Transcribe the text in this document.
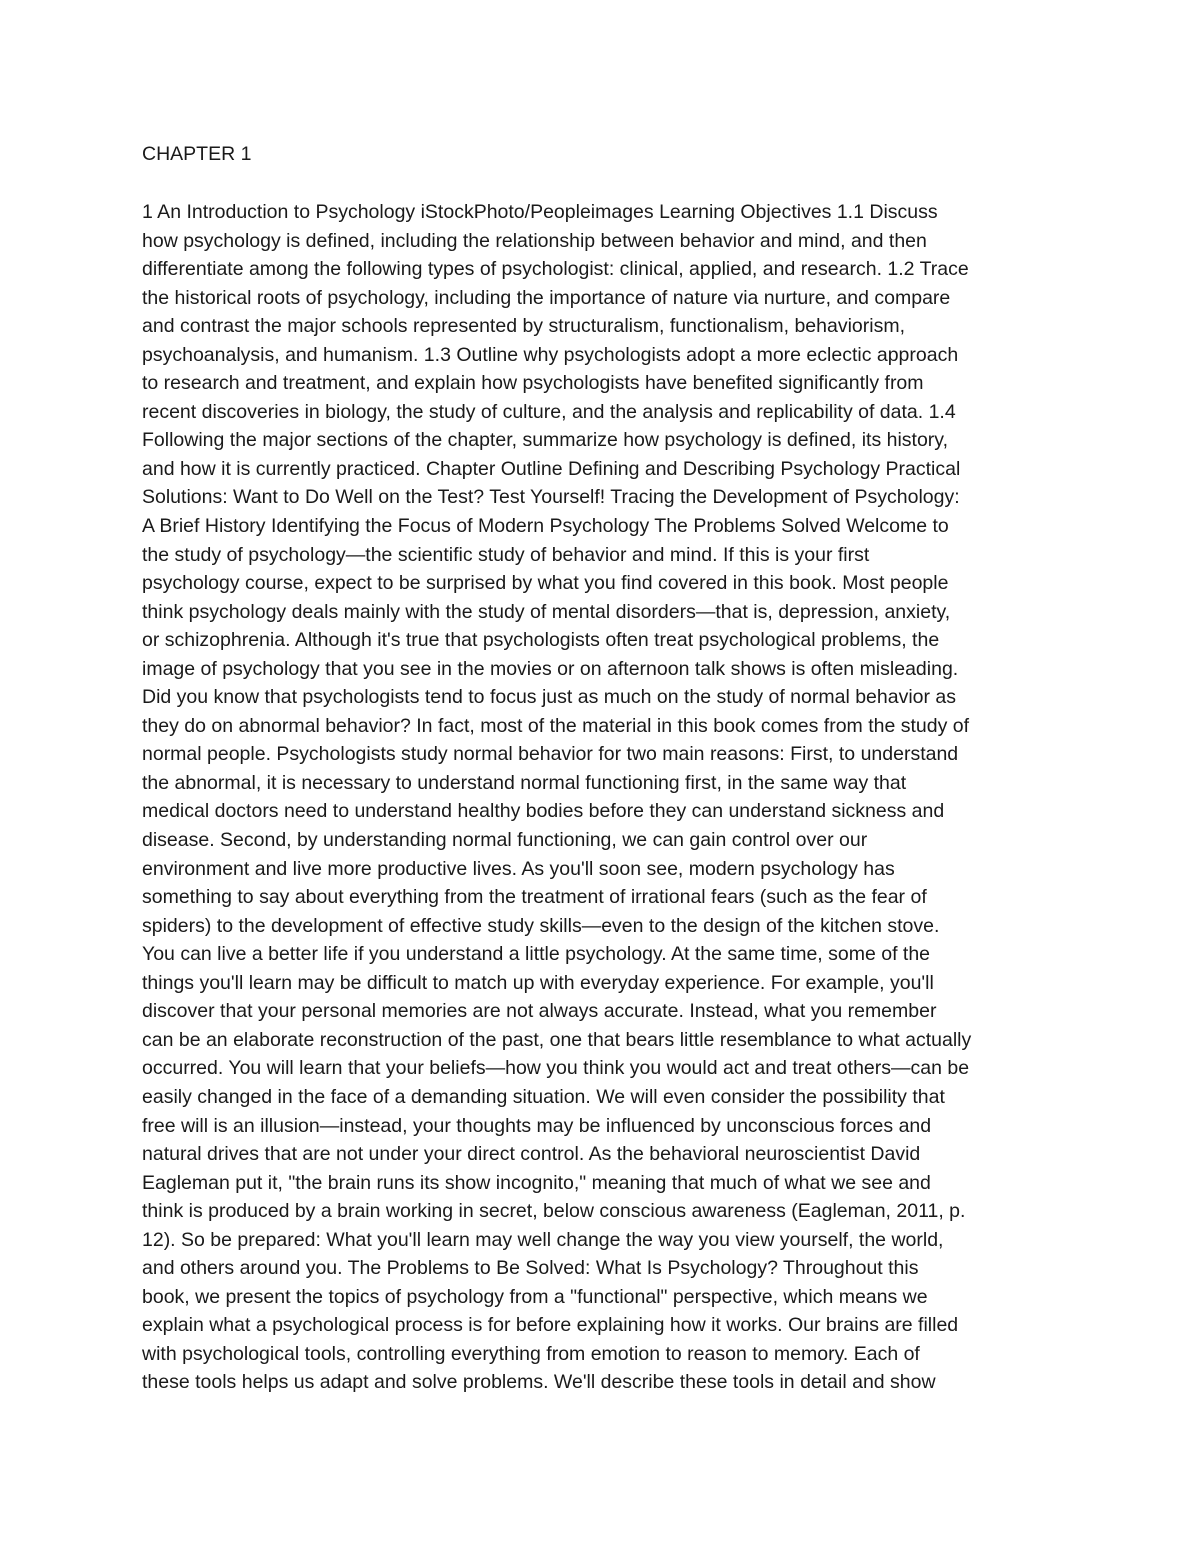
CHAPTER 1
1 An Introduction to Psychology iStockPhoto/Peopleimages Learning Objectives 1.1 Discuss
how psychology is defined, including the relationship between behavior and mind, and then
differentiate among the following types of psychologist: clinical, applied, and research. 1.2 Trace
the historical roots of psychology, including the importance of nature via nurture, and compare
and contrast the major schools represented by structuralism, functionalism, behaviorism,
psychoanalysis, and humanism. 1.3 Outline why psychologists adopt a more eclectic approach
to research and treatment, and explain how psychologists have benefited significantly from
recent discoveries in biology, the study of culture, and the analysis and replicability of data. 1.4
Following the major sections of the chapter, summarize how psychology is defined, its history,
and how it is currently practiced. Chapter Outline Defining and Describing Psychology Practical
Solutions: Want to Do Well on the Test? Test Yourself! Tracing the Development of Psychology:
A Brief History Identifying the Focus of Modern Psychology The Problems Solved Welcome to
the study of psychology—the scientific study of behavior and mind. If this is your first
psychology course, expect to be surprised by what you find covered in this book. Most people
think psychology deals mainly with the study of mental disorders—that is, depression, anxiety,
or schizophrenia. Although it's true that psychologists often treat psychological problems, the
image of psychology that you see in the movies or on afternoon talk shows is often misleading.
Did you know that psychologists tend to focus just as much on the study of normal behavior as
they do on abnormal behavior? In fact, most of the material in this book comes from the study of
normal people. Psychologists study normal behavior for two main reasons: First, to understand
the abnormal, it is necessary to understand normal functioning first, in the same way that
medical doctors need to understand healthy bodies before they can understand sickness and
disease. Second, by understanding normal functioning, we can gain control over our
environment and live more productive lives. As you'll soon see, modern psychology has
something to say about everything from the treatment of irrational fears (such as the fear of
spiders) to the development of effective study skills—even to the design of the kitchen stove.
You can live a better life if you understand a little psychology. At the same time, some of the
things you'll learn may be difficult to match up with everyday experience. For example, you'll
discover that your personal memories are not always accurate. Instead, what you remember
can be an elaborate reconstruction of the past, one that bears little resemblance to what actually
occurred. You will learn that your beliefs—how you think you would act and treat others—can be
easily changed in the face of a demanding situation. We will even consider the possibility that
free will is an illusion—instead, your thoughts may be influenced by unconscious forces and
natural drives that are not under your direct control. As the behavioral neuroscientist David
Eagleman put it, "the brain runs its show incognito," meaning that much of what we see and
think is produced by a brain working in secret, below conscious awareness (Eagleman, 2011, p.
12). So be prepared: What you'll learn may well change the way you view yourself, the world,
and others around you. The Problems to Be Solved: What Is Psychology? Throughout this
book, we present the topics of psychology from a "functional" perspective, which means we
explain what a psychological process is for before explaining how it works. Our brains are filled
with psychological tools, controlling everything from emotion to reason to memory. Each of
these tools helps us adapt and solve problems. We'll describe these tools in detail and show
